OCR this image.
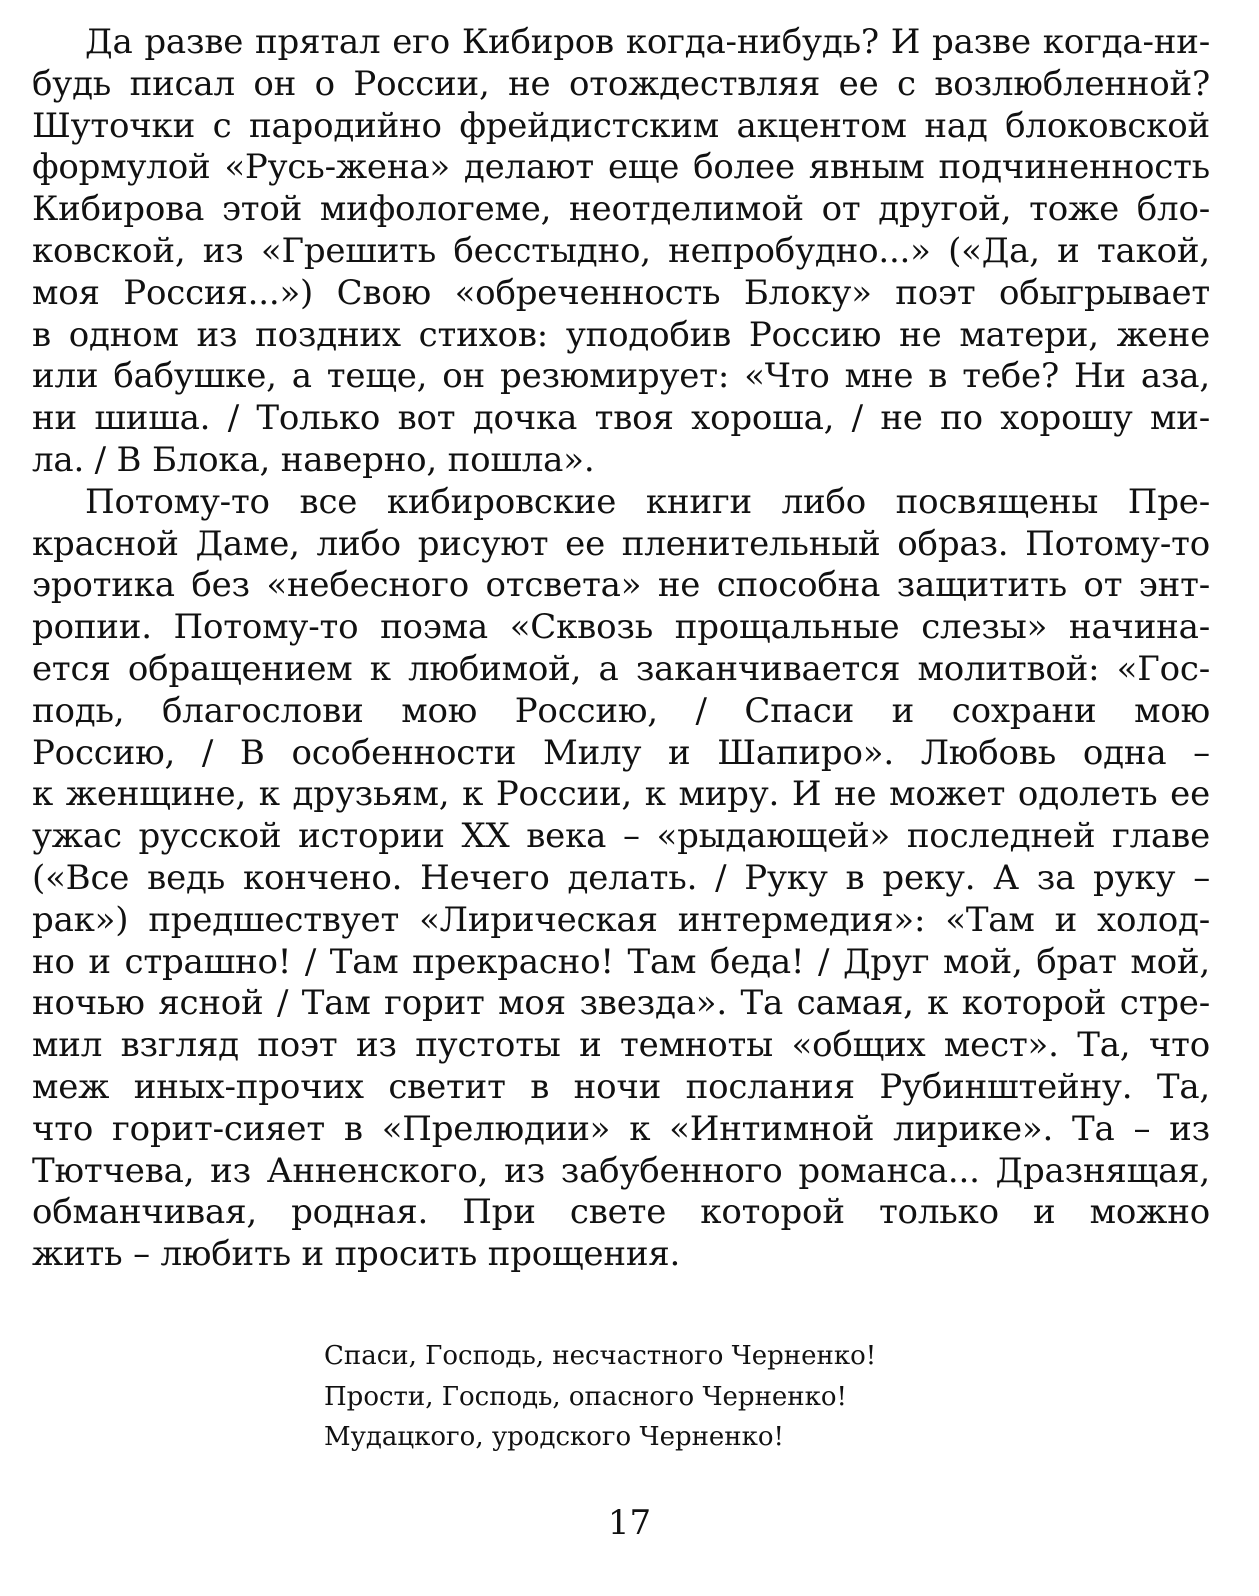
Да разве прятал его Кибиров когда-нибудь? И разве когда-ни-
будь писал он о России, не отождествляя ее с возлюбленной?
Шуточки с пародийно фрейдистским акцентом над блоковской
формулой «Русь-жена» делают еще более явным подчиненность
Кибирова этой мифологеме, неотделимой от другой, тоже бло-
ковской, из «Грешить бесстыдно, непробудно...» («Да, и такой,
моя Россия...») Свою «обреченность Блоку» поэт обыгрывает
в одном из поздних стихов: уподобив Россию не матери, жене
или бабушке, а теще, он резюмирует: «Что мне в тебе? Ни аза,
ни шиша. / Только вот дочка твоя хороша, / не по хорошу ми-
ла. / В Блока, наверно, пошла».
Потому-то все кибировские книги либо посвящены Пре-
красной Даме, либо рисуют ее пленительный образ. Потому-то
эротика без «небесного отсвета» не способна защитить от энт-
ропии. Потому-то поэма «Сквозь прощальные слезы» начина-
ется обращением к любимой, а заканчивается молитвой: «Гос-
подь, благослови мою Россию, / Спаси и сохрани мою
Россию, / В особенности Милу и Шапиро». Любовь одна –
к женщине, к друзьям, к России, к миру. И не может одолеть ее
ужас русской истории XX века – «рыдающей» последней главе
(«Все ведь кончено. Нечего делать. / Руку в реку. А за руку –
рак») предшествует «Лирическая интермедия»: «Там и холод-
но и страшно! / Там прекрасно! Там беда! / Друг мой, брат мой,
ночью ясной / Там горит моя звезда». Та самая, к которой стре-
мил взгляд поэт из пустоты и темноты «общих мест». Та, что
меж иных-прочих светит в ночи послания Рубинштейну. Та,
что горит-сияет в «Прелюдии» к «Интимной лирике». Та – из
Тютчева, из Анненского, из забубенного романса... Дразнящая,
обманчивая, родная. При свете которой только и можно
жить – любить и просить прощения.
Спаси, Господь, несчастного Черненко!
Прости, Господь, опасного Черненко!
Мудацкого, уродского Черненко!
17
